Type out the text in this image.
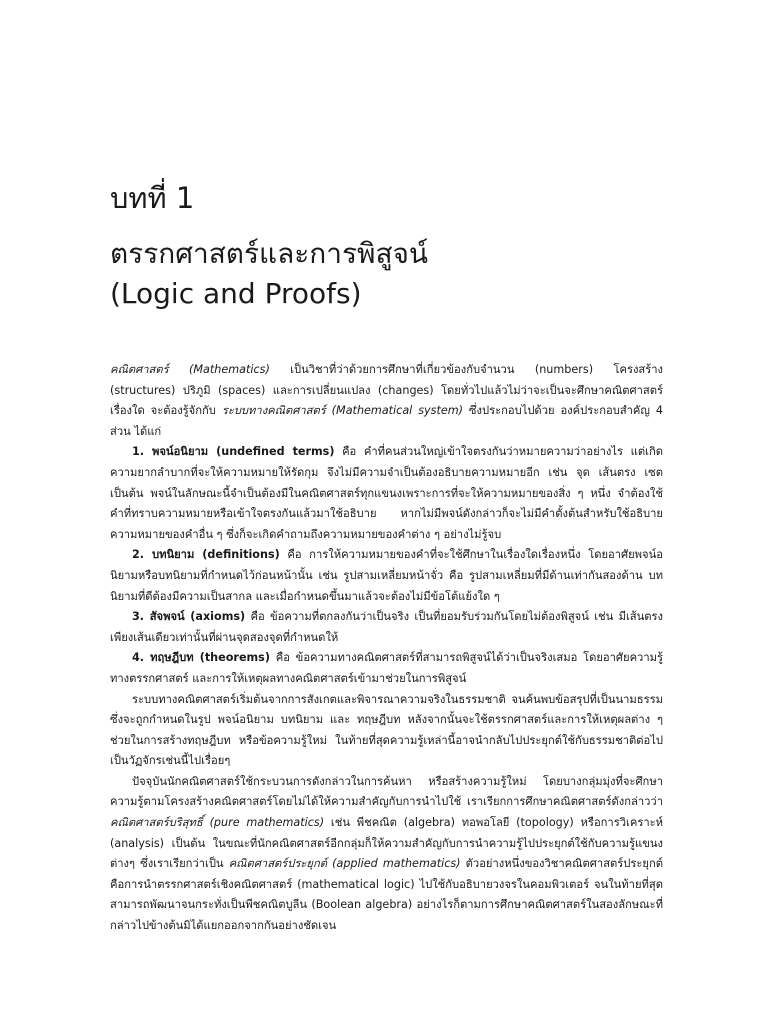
บทที่ 1
ตรรกศาสตร์และการพิสูจน์
(Logic and Proofs)

คณิตศาสตร์ (Mathematics) เป็นวิชาที่ว่าด้วยการศึกษาที่เกี่ยวข้องกับจำนวน (numbers) โครงสร้าง (structures) ปริภูมิ (spaces) และการเปลี่ยนแปลง (changes) โดยทั่วไปแล้วไม่ว่าจะเป็นจะศึกษาคณิตศาสตร์เรื่องใด จะต้องรู้จักกับ ระบบทางคณิตศาสตร์ (Mathematical system) ซึ่งประกอบไปด้วย องค์ประกอบสำคัญ 4 ส่วน ได้แก่

1. พจน์อนิยาม (undefined terms) คือ คำที่คนส่วนใหญ่เข้าใจตรงกันว่าหมายความว่าอย่างไร แต่เกิดความยากลำบากที่จะให้ความหมายให้รัดกุม จึงไม่มีความจำเป็นต้องอธิบายความหมายอีก เช่น จุด เส้นตรง เซต เป็นต้น พจน์ในลักษณะนี้จำเป็นต้องมีในคณิตศาสตร์ทุกแขนงเพราะการที่จะให้ความหมายของสิ่ง ๆ หนึ่ง จำต้องใช้คำที่ทราบความหมายหรือเข้าใจตรงกันแล้วมาใช้อธิบาย หากไม่มีพจน์ดังกล่าวก็จะไม่มีคำตั้งต้นสำหรับใช้อธิบายความหมายของคำอื่น ๆ ซึ่งก็จะเกิดคำถามถึงความหมายของคำต่าง ๆ อย่างไม่รู้จบ

2. บทนิยาม (definitions) คือ การให้ความหมายของคำที่จะใช้ศึกษาในเรื่องใดเรื่องหนึ่ง โดยอาศัยพจน์อนิยามหรือบทนิยามที่กำหนดไว้ก่อนหน้านั้น เช่น รูปสามเหลี่ยมหน้าจั่ว คือ รูปสามเหลี่ยมที่มีด้านเท่ากันสองด้าน บทนิยามที่ดีต้องมีความเป็นสากล และเมื่อกำหนดขึ้นมาแล้วจะต้องไม่มีข้อโต้แย้งใด ๆ

3. สัจพจน์ (axioms) คือ ข้อความที่ตกลงกันว่าเป็นจริง เป็นที่ยอมรับร่วมกันโดยไม่ต้องพิสูจน์ เช่น มีเส้นตรงเพียงเส้นเดียวเท่านั้นที่ผ่านจุดสองจุดที่กำหนดให้

4. ทฤษฎีบท (theorems) คือ ข้อความทางคณิตศาสตร์ที่สามารถพิสูจน์ได้ว่าเป็นจริงเสมอ โดยอาศัยความรู้ทางตรรกศาสตร์ และการให้เหตุผลทางคณิตศาสตร์เข้ามาช่วยในการพิสูจน์

ระบบทางคณิตศาสตร์เริ่มต้นจากการสังเกตและพิจารณาความจริงในธรรมชาติ จนค้นพบข้อสรุปที่เป็นนามธรรม ซึ่งจะถูกกำหนดในรูป พจน์อนิยาม บทนิยาม และ ทฤษฎีบท หลังจากนั้นจะใช้ตรรกศาสตร์และการให้เหตุผลต่าง ๆ ช่วยในการสร้างทฤษฎีบท หรือข้อความรู้ใหม่ ในท้ายที่สุดความรู้เหล่านี้อาจนำกลับไปประยุกต์ใช้กับธรรมชาติต่อไป เป็นวัฏจักรเช่นนี้ไปเรื่อยๆ

ปัจจุบันนักคณิตศาสตร์ใช้กระบวนการดังกล่าวในการค้นหา หรือสร้างความรู้ใหม่ โดยบางกลุ่มมุ่งที่จะศึกษาความรู้ตามโครงสร้างคณิตศาสตร์โดยไม่ได้ให้ความสำคัญกับการนำไปใช้ เราเรียกการศึกษาคณิตศาสตร์ดังกล่าวว่า คณิตศาสตร์บริสุทธิ์ (pure mathematics) เช่น พีชคณิต (algebra) ทอพอโลยี (topology) หรือการวิเคราะห์ (analysis) เป็นต้น ในขณะที่นักคณิตศาสตร์อีกกลุ่มก็ให้ความสำคัญกับการนำความรู้ไปประยุกต์ใช้กับความรู้แขนงต่างๆ ซึ่งเราเรียกว่าเป็น คณิตศาสตร์ประยุกต์ (applied mathematics) ตัวอย่างหนึ่งของวิชาคณิตศาสตร์ประยุกต์ คือการนำตรรกศาสตร์เชิงคณิตศาสตร์ (mathematical logic) ไปใช้กับอธิบายวงจรในคอมพิวเตอร์ จนในท้ายที่สุดสามารถพัฒนาจนกระทั่งเป็นพีชคณิตบูลีน (Boolean algebra) อย่างไรก็ตามการศึกษาคณิตศาสตร์ในสองลักษณะที่กล่าวไปข้างต้นมิได้แยกออกจากกันอย่างชัดเจน
